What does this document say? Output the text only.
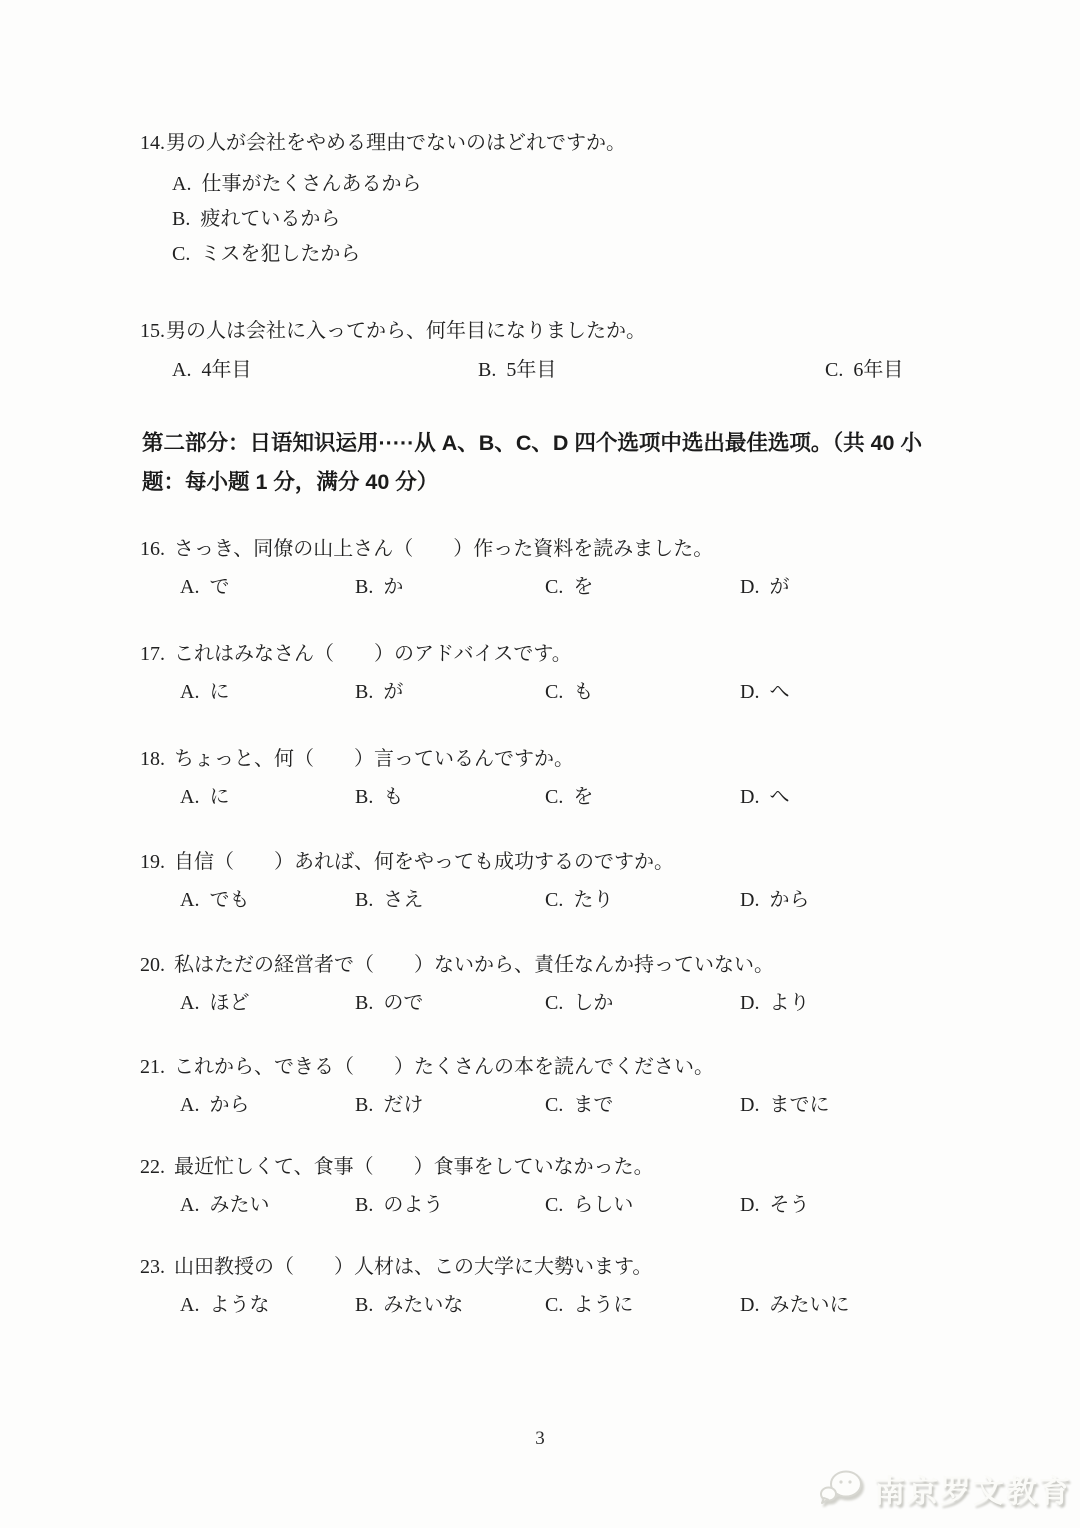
14.男の人が会社をやめる理由でないのはどれですか。
A. 仕事がたくさんあるから
B. 疲れているから
C. ミスを犯したから
15.男の人は会社に入ってから、何年目になりましたか。
A. 4年目	B. 5年目	C. 6年目
第二部分：日语知识运用·····从 A、B、C、D 四个选项中选出最佳选项。（共 40 小题：每小题 1 分，满分 40 分）
16. さっき、同僚の山上さん（　　）作った資料を読みました。
A. で	B. か	C. を	D. が
17. これはみなさん（　　）のアドバイスです。
A. に	B. が	C. も	D. へ
18. ちょっと、何（　　）言っているんですか。
A. に	B. も	C. を	D. へ
19. 自信（　　）あれば、何をやっても成功するのですか。
A. でも	B. さえ	C. たり	D. から
20. 私はただの経営者で（　　）ないから、責任なんか持っていない。
A. ほど	B. ので	C. しか	D. より
21. これから、できる（　　）たくさんの本を読んでください。
A. から	B. だけ	C. まで	D. までに
22. 最近忙しくて、食事（　　）食事をしていなかった。
A. みたい	B. のよう	C. らしい	D. そう
23. 山田教授の（　　）人材は、この大学に大勢います。
A. ような	B. みたいな	C. ように	D. みたいに
3
南京罗文教育
